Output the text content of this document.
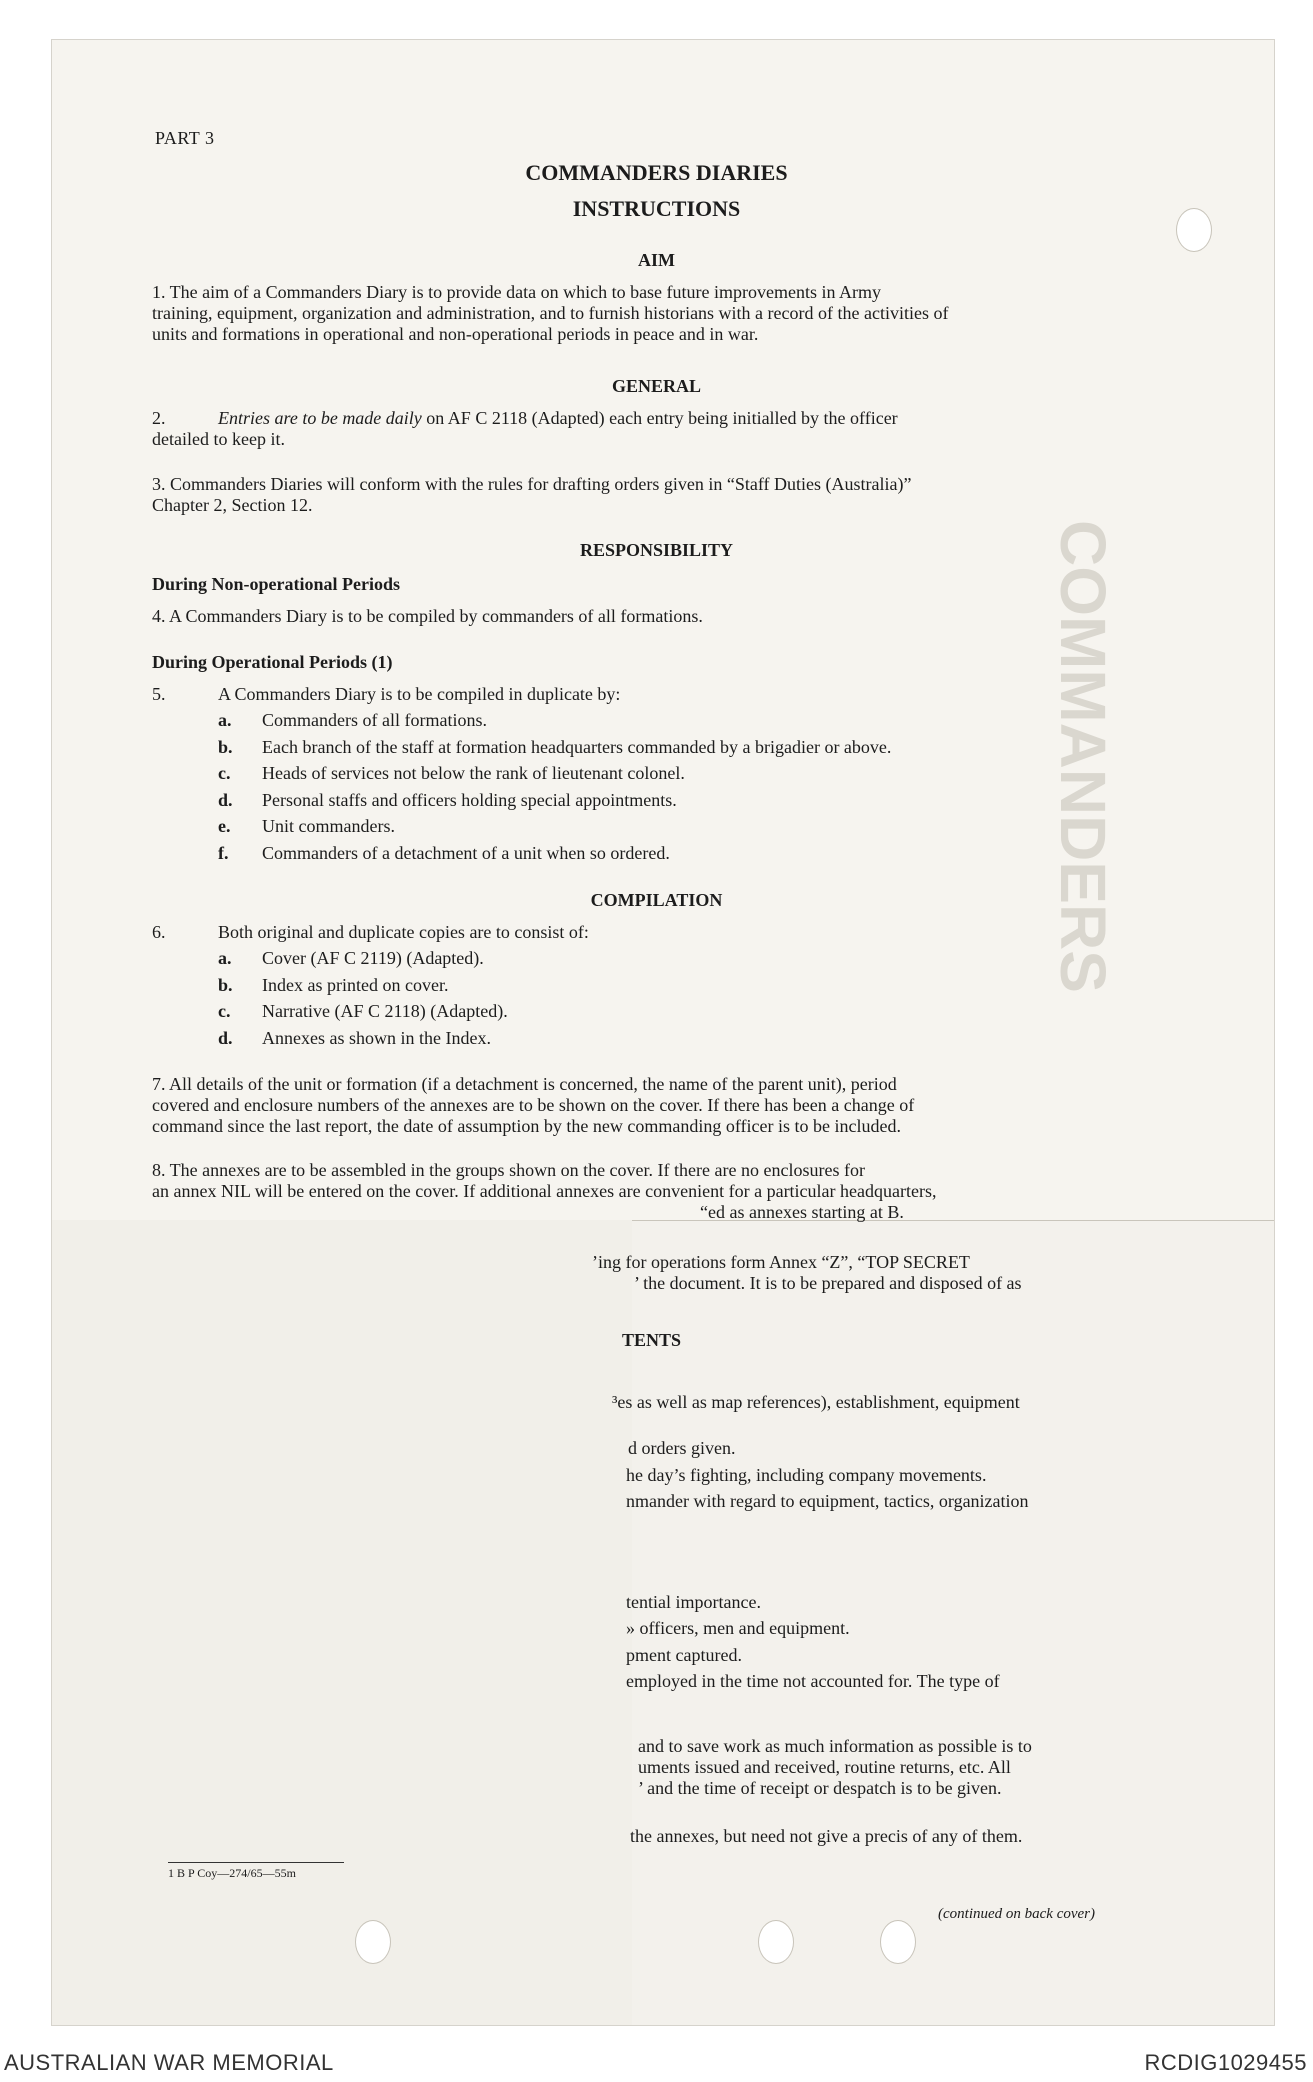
COMMANDERS
PART 3
COMMANDERS DIARIES
INSTRUCTIONS
AIM
1. The aim of a Commanders Diary is to provide data on which to base future improvements in Army
training, equipment, organization and administration, and to furnish historians with a record of the activities of
units and formations in operational and non-operational periods in peace and in war.
GENERAL
2.	Entries are to be made daily on AF C 2118 (Adapted) each entry being initialled by the officer
detailed to keep it.
3. Commanders Diaries will conform with the rules for drafting orders given in “Staff Duties (Australia)”
Chapter 2, Section 12.
RESPONSIBILITY
During Non-operational Periods
4. A Commanders Diary is to be compiled by commanders of all formations.
During Operational Periods (1)
5.	A Commanders Diary is to be compiled in duplicate by:
a. Commanders of all formations.
b. Each branch of the staff at formation headquarters commanded by a brigadier or above.
c. Heads of services not below the rank of lieutenant colonel.
d. Personal staffs and officers holding special appointments.
e. Unit commanders.
f. Commanders of a detachment of a unit when so ordered.
COMPILATION
6.	Both original and duplicate copies are to consist of:
a. Cover (AF C 2119) (Adapted).
b. Index as printed on cover.
c. Narrative (AF C 2118) (Adapted).
d. Annexes as shown in the Index.
7. All details of the unit or formation (if a detachment is concerned, the name of the parent unit), period
covered and enclosure numbers of the annexes are to be shown on the cover. If there has been a change of
command since the last report, the date of assumption by the new commanding officer is to be included.
8. The annexes are to be assembled in the groups shown on the cover. If there are no enclosures for
an annex NIL will be entered on the cover. If additional annexes are convenient for a particular headquarters,
“ed as annexes starting at B.
’ing for operations form Annex “Z”, “TOP SECRET
’ the document. It is to be prepared and disposed of as
TENTS
³es as well as map references), establishment, equipment
d orders given.
he day’s fighting, including company movements.
nmander with regard to equipment, tactics, organization
tential importance.
» officers, men and equipment.
pment captured.
employed in the time not accounted for. The type of
and to save work as much information as possible is to
uments issued and received, routine returns, etc. All
’ and the time of receipt or despatch is to be given.
the annexes, but need not give a precis of any of them.
1 B P Coy—274/65—55m
(continued on back cover)
AUSTRALIAN WAR MEMORIAL	RCDIG1029455
